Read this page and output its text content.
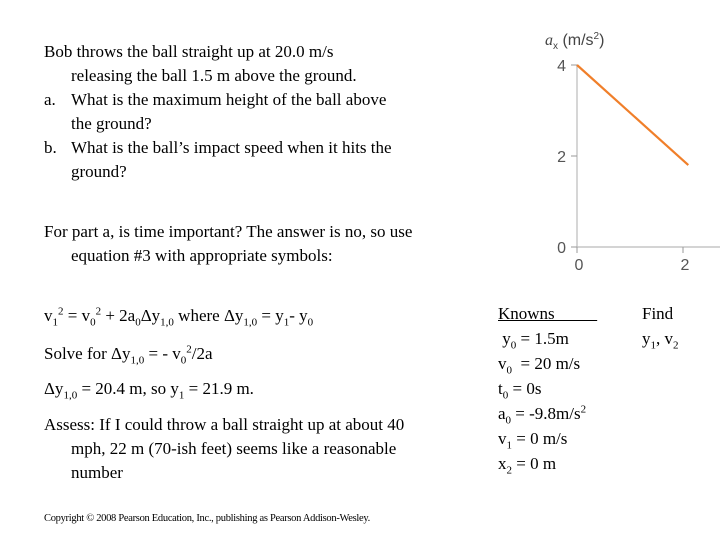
Bob throws the ball straight up at 20.0 m/s releasing the ball 1.5 m above the ground.

a. What is the maximum height of the ball above the ground?
b. What is the ball’s impact speed when it hits the ground?

For part a, is time important? The answer is no, so use equation #3 with appropriate symbols:

$v_1^2 = v_0^2 + 2a_0\Delta y_{1,0}$ where $\Delta y_{1,0} = y_1-$ $y_0$
Solve for $\Delta y_{1,0}$ = - $v_0^2/2a$
$\Delta y_{1,0} = 20.4$ m, so $y_1 = 21.9$ m.

Assess: If I could throw a ball straight up at about 40 mph, 22 m (70-ish feet) seems like a reasonable number

Copyright © 2008 Pearson Education, Inc., publishing as Pearson Addison-Wesley.
$a_x$ $(m/s^2)$
4
2
0
0	2
Knowns
$y_0 = 1.5m$
$v_0 = 20$ m/s
$t_0 = 0s$
$a_0 = -9.8m/s^2$
$v_1 = 0$ m/s
$x_2 = 0$ m
Find
$y_1$, $v_2$
